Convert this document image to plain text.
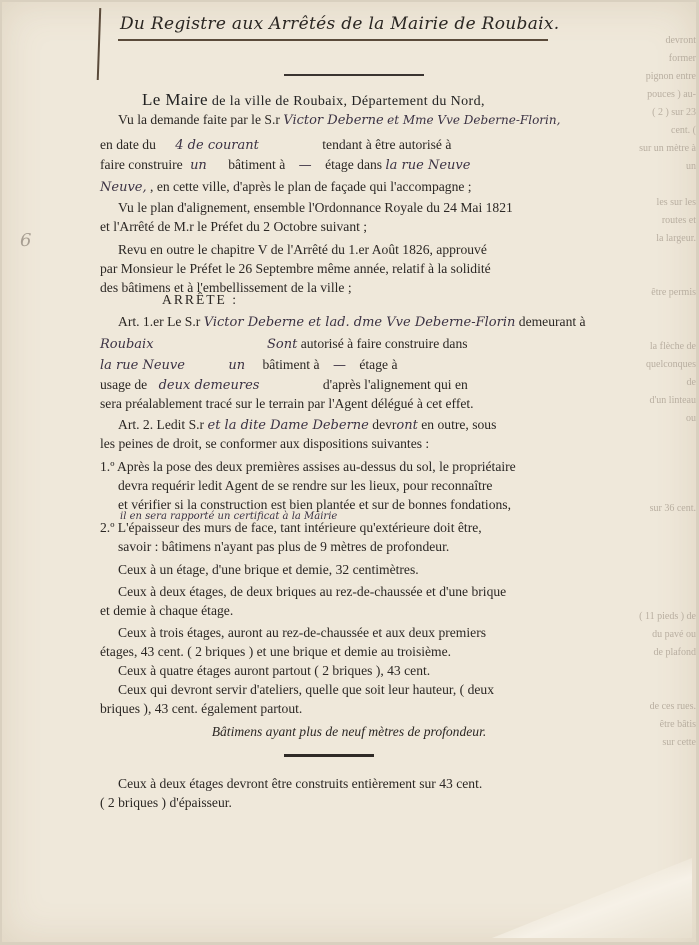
Du Registre aux Arrêtés de la Mairie de Roubaix.
devront former
pignon entre
pouces ) au-
( 2 ) sur 23 cent. (
sur un mètre à un

les sur les routes et
la largeur.

être permis

la flèche de
quelconques de
d'un linteau
ou

sur 36 cent.

( 11 pieds ) de
du pavé ou
de plafond

de ces rues.
être bâtis
sur cette

6
Le Maire de la ville de Roubaix, Département du Nord,
Vu la demande faite par le S.r Victor Deberne et Mme Vve Deberne-Florin,
en date du 4 de courant	tendant à être autorisé à
faire construire un bâtiment à — étage dans la rue Neuve
Neuve, , en cette ville, d'après le plan de façade qui l'accompagne ;
Vu le plan d'alignement, ensemble l'Ordonnance Royale du 24 Mai 1821
et l'Arrêté de M.r le Préfet du 2 Octobre suivant ;
Revu en outre le chapitre V de l'Arrêté du 1.er Août 1826, approuvé
par Monsieur le Préfet le 26 Septembre même année, relatif à la solidité
des bâtimens et à l'embellissement de la ville ;
ARRÊTE :
Art. 1.er Le S.r Victor Deberne et lad. dme Vve Deberne-Florin demeurant à
Roubaix	Sont autorisé à faire construire dans
la rue Neuve	un bâtiment à — étage à
usage de deux demeures	d'après l'alignement qui en
sera préalablement tracé sur le terrain par l'Agent délégué à cet effet.
Art. 2. Ledit S.r et la dite Dame Deberne devront en outre, sous
les peines de droit, se conformer aux dispositions suivantes :
1.º Après la pose des deux premières assises au-dessus du sol, le propriétaire
devra requérir ledit Agent de se rendre sur les lieux, pour reconnaître
et vérifier si la construction est bien plantée et sur de bonnes fondations,
il en sera rapporté un certificat à la Mairie
2.º L'épaisseur des murs de face, tant intérieure qu'extérieure doit être,
savoir : bâtimens n'ayant pas plus de 9 mètres de profondeur.
Ceux à un étage, d'une brique et demie, 32 centimètres.
Ceux à deux étages, de deux briques au rez-de-chaussée et d'une brique
et demie à chaque étage.
Ceux à trois étages, auront au rez-de-chaussée et aux deux premiers
étages, 43 cent. ( 2 briques ) et une brique et demie au troisième.
Ceux à quatre étages auront partout ( 2 briques ), 43 cent.
Ceux qui devront servir d'ateliers, quelle que soit leur hauteur, ( deux
briques ), 43 cent. également partout.
Bâtimens ayant plus de neuf mètres de profondeur.
Ceux à deux étages devront être construits entièrement sur 43 cent.
( 2 briques ) d'épaisseur.
